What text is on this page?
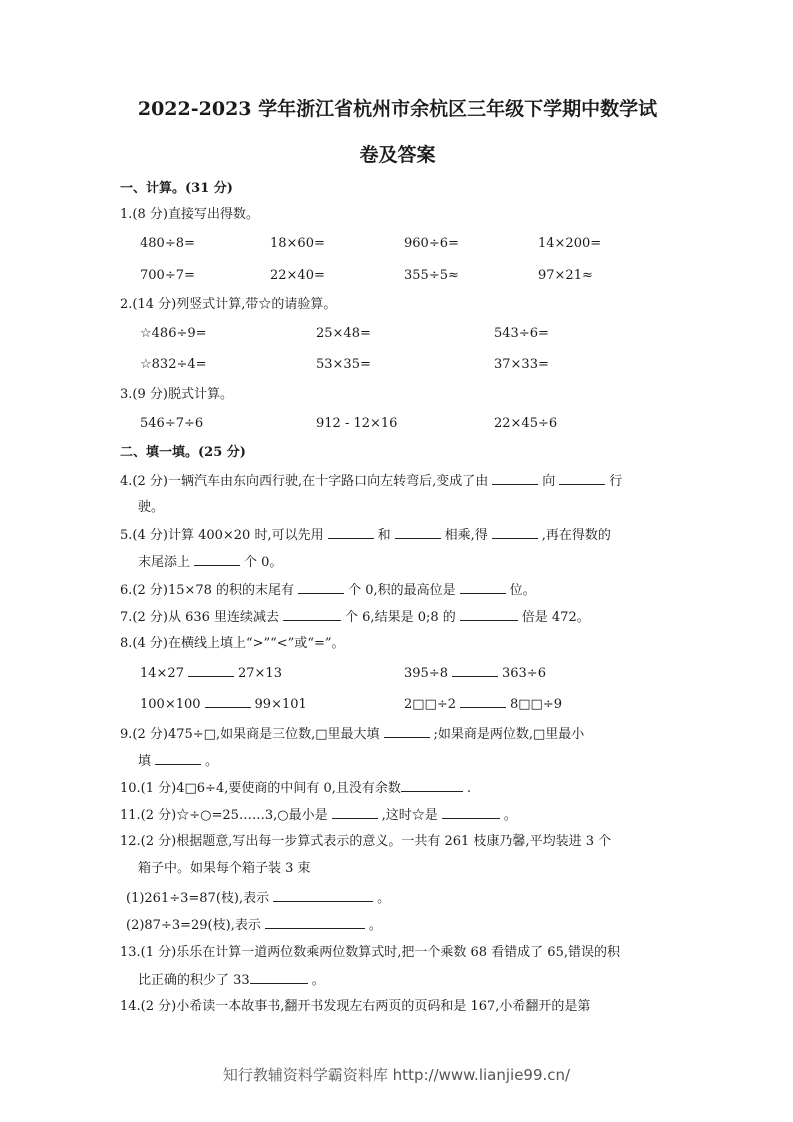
2022-2023 学年浙江省杭州市余杭区三年级下学期中数学试
卷及答案
一、计算。(31 分)
1.(8 分)直接写出得数。
480÷8=	18×60=	960÷6=	14×200=
700÷7=	22×40=	355÷5≈	97×21≈
2.(14 分)列竖式计算,带☆的请验算。
☆486÷9=	25×48=	543÷6=
☆832÷4=	53×35=	37×33=
3.(9 分)脱式计算。
546÷7÷6	912 - 12×16	22×45÷6
二、填一填。(25 分)
4.(2 分)一辆汽车由东向西行驶,在十字路口向左转弯后,变成了由	向	行
驶。
5.(4 分)计算 400×20 时,可以先用	和	相乘,得	,再在得数的
末尾添上	个 0。
6.(2 分)15×78 的积的末尾有	个 0,积的最高位是	位。
7.(2 分)从 636 里连续减去	个 6,结果是 0;8 的	倍是 472。
8.(4 分)在横线上填上“>”“<”或“=”。
14×27	27×13	395÷8	363÷6
100×100	99×101	2□□÷2	8□□÷9
9.(2 分)475÷□,如果商是三位数,□里最大填	;如果商是两位数,□里最小
填	。
10.(1 分)4□6÷4,要使商的中间有 0,且没有余数	.
11.(2 分)☆÷○=25……3,○最小是	,这时☆是	。
12.(2 分)根据题意,写出每一步算式表示的意义。一共有 261 枝康乃馨,平均装进 3 个
箱子中。如果每个箱子装 3 束
(1)261÷3=87(枝),表示	。
(2)87÷3=29(枝),表示	。
13.(1 分)乐乐在计算一道两位数乘两位数算式时,把一个乘数 68 看错成了 65,错误的积
比正确的积少了 33	。
14.(2 分)小希读一本故事书,翻开书发现左右两页的页码和是 167,小希翻开的是第
知行教辅资料学霸资料库 http://www.lianjie99.cn/
